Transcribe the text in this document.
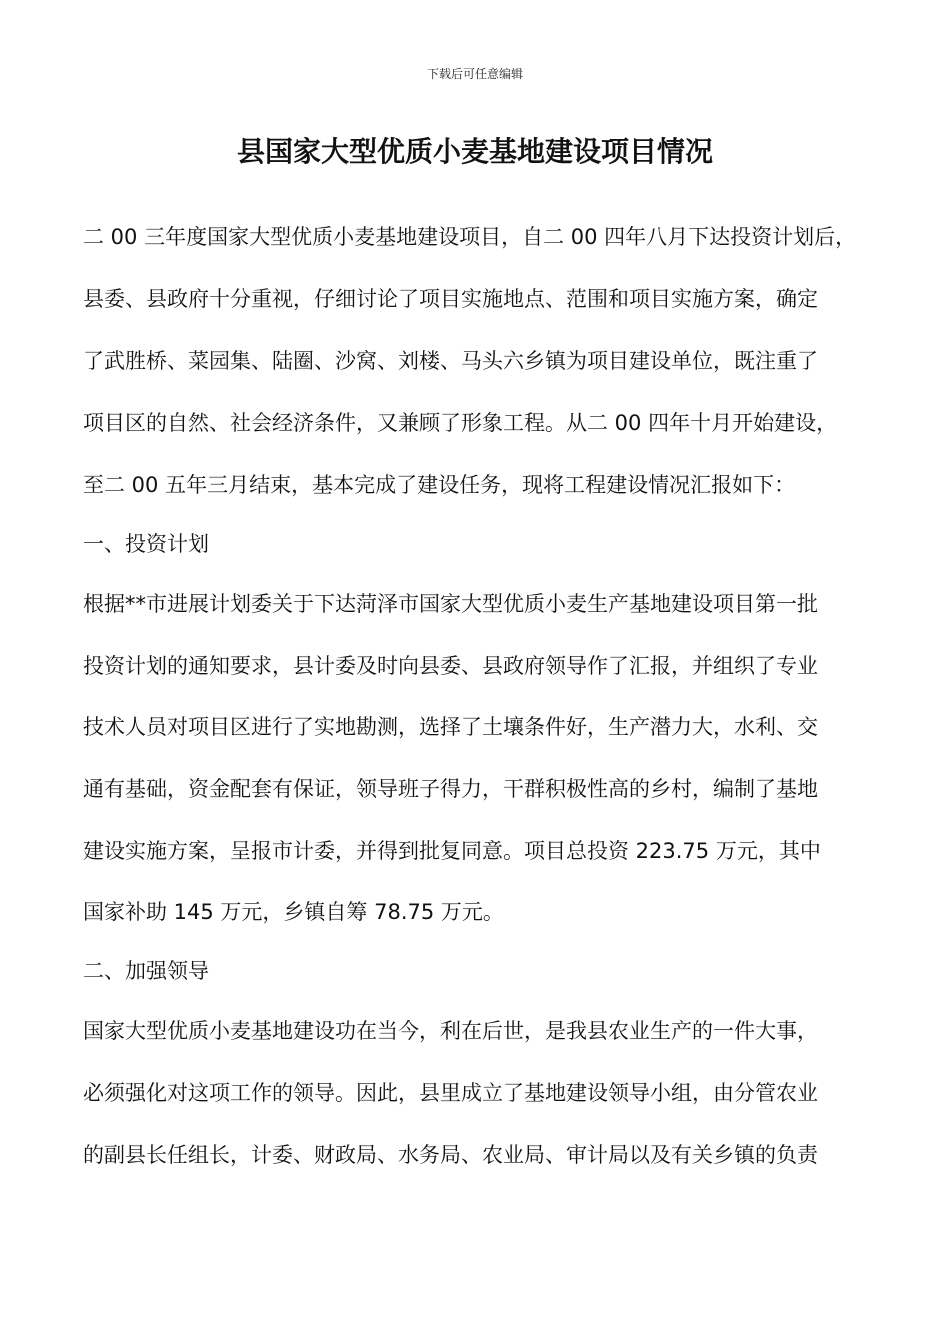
下载后可任意编辑
县国家大型优质小麦基地建设项目情况
二 00 三年度国家大型优质小麦基地建设项目，自二 00 四年八月下达投资计划后，
县委、县政府十分重视，仔细讨论了项目实施地点、范围和项目实施方案，确定
了武胜桥、菜园集、陆圈、沙窝、刘楼、马头六乡镇为项目建设单位，既注重了
项目区的自然、社会经济条件，又兼顾了形象工程。从二 00 四年十月开始建设，
至二 00 五年三月结束，基本完成了建设任务，现将工程建设情况汇报如下：
一、投资计划
根据**市进展计划委关于下达菏泽市国家大型优质小麦生产基地建设项目第一批
投资计划的通知要求，县计委及时向县委、县政府领导作了汇报，并组织了专业
技术人员对项目区进行了实地勘测，选择了土壤条件好，生产潜力大，水利、交
通有基础，资金配套有保证，领导班子得力，干群积极性高的乡村，编制了基地
建设实施方案，呈报市计委，并得到批复同意。项目总投资 223.75 万元，其中
国家补助 145 万元，乡镇自筹 78.75 万元。
二、加强领导
国家大型优质小麦基地建设功在当今，利在后世，是我县农业生产的一件大事，
必须强化对这项工作的领导。因此，县里成立了基地建设领导小组，由分管农业
的副县长任组长，计委、财政局、水务局、农业局、审计局以及有关乡镇的负责
